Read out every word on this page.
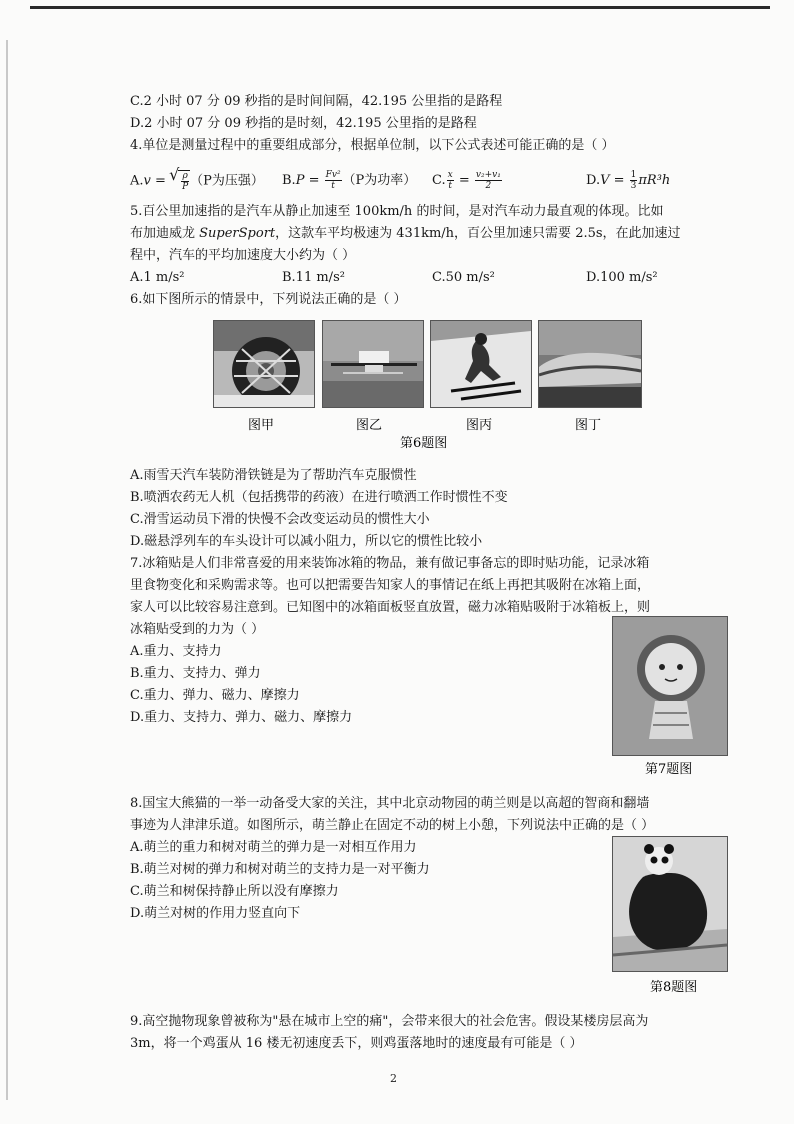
C.2 小时 07 分 09 秒指的是时间间隔，42.195 公里指的是路程
D.2 小时 07 分 09 秒指的是时刻，42.195 公里指的是路程
4.单位是测量过程中的重要组成部分，根据单位制，以下公式表述可能正确的是（ ）
A.v =
√ $\frac{\rho}{P} (P$为压强） $B.P = \frac{\text{Fv²}}{t} (P$为功率） C. $\frac{x}{t} = \frac{\text{v₂+v₁}}{2}$	$D.V = \frac{1}{3} \pi R^3h$
5.百公里加速指的是汽车从静止加速至 100km/h 的时间，是对汽车动力最直观的体现。比如
布加迪威龙 SuperSport，这款车平均极速为 431km/h，百公里加速只需要 2.5s，在此加速过
程中，汽车的平均加速度大小约为（ ）
A.1 m/s²	B.11 m/s²	C.50 m/s²	D.100 m/s²
6.如下图所示的情景中，下列说法正确的是（ ）
图甲	图乙	图丙	图丁
第6题图
A.雨雪天汽车装防滑铁链是为了帮助汽车克服惯性
B.喷洒农药无人机（包括携带的药液）在进行喷洒工作时惯性不变
C.滑雪运动员下滑的快慢不会改变运动员的惯性大小
D.磁悬浮列车的车头设计可以减小阻力，所以它的惯性比较小
7.冰箱贴是人们非常喜爱的用来装饰冰箱的物品，兼有做记事备忘的即时贴功能，记录冰箱
里食物变化和采购需求等。也可以把需要告知家人的事情记在纸上再把其吸附在冰箱上面，
家人可以比较容易注意到。已知图中的冰箱面板竖直放置，磁力冰箱贴吸附于冰箱板上，则
冰箱贴受到的力为（ ）
A.重力、支持力
B.重力、支持力、弹力
C.重力、弹力、磁力、摩擦力
D.重力、支持力、弹力、磁力、摩擦力
第7题图
8.国宝大熊猫的一举一动备受大家的关注，其中北京动物园的萌兰则是以高超的智商和翻墙
事迹为人津津乐道。如图所示，萌兰静止在固定不动的树上小憩，下列说法中正确的是（ ）
A.萌兰的重力和树对萌兰的弹力是一对相互作用力
B.萌兰对树的弹力和树对萌兰的支持力是一对平衡力
C.萌兰和树保持静止所以没有摩擦力
D.萌兰对树的作用力竖直向下
第8题图
9.高空抛物现象曾被称为"悬在城市上空的痛"，会带来很大的社会危害。假设某楼房层高为
3m，将一个鸡蛋从 16 楼无初速度丢下，则鸡蛋落地时的速度最有可能是（ ）
2
